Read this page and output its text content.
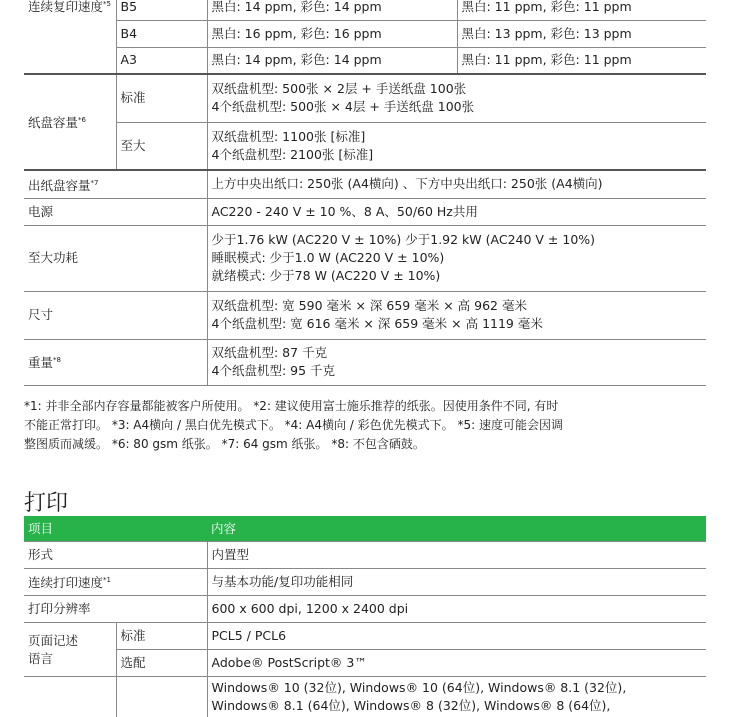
连续复印速度$^{*5}$	B5	黑白: 14 ppm, 彩色: 14 ppm	黑白: 11 ppm, 彩色: 11 ppm
	B4	黑白: 16 ppm, 彩色: 16 ppm	黑白: 13 ppm, 彩色: 13 ppm
	A3	黑白: 14 ppm, 彩色: 14 ppm	黑白: 11 ppm, 彩色: 11 ppm
纸盘容量$^{*6}$	标准	双纸盘机型: 500张 × 2层 + 手送纸盘 100张
4个纸盘机型: 500张 × 4层 + 手送纸盘 100张	

	至大	双纸盘机型: 1100张 [标准]
4个纸盘机型: 2100张 [标准]	

出纸盘容量$^{*7}$		上方中央出纸口: 250张 (A4横向) 、下方中央出纸口: 250张 (A4横向)	
电源		AC220 - 240 V ± 10 %、8 A、50/60 Hz共用	
至大功耗		少于1.76 kW (AC220 V ± 10%) 少于1.92 kW (AC240 V ± 10%)
睡眠模式: 少于1.0 W (AC220 V ± 10%)
就绪模式: 少于78 W (AC220 V ± 10%)	

尺寸		双纸盘机型: 宽 590 毫米 × 深 659 毫米 × 高 962 毫米
4个纸盘机型: 宽 616 毫米 × 深 659 毫米 × 高 1119 毫米	

重量$^{*8}$		双纸盘机型: 87 千克
4个纸盘机型: 95 千克	
*1: 并非全部内存容量都能被客户所使用。 *2: 建议使用富士施乐推荐的纸张。因使用条件不同, 有时
不能正常打印。 *3: A4横向 / 黑白优先模式下。 *4: A4横向 / 彩色优先模式下。 *5: 速度可能会因调
整图质而减缓。 *6: 80 gsm 纸张。 *7: 64 gsm 纸张。 *8: 不包含硒鼓。
打印
项目		内容
形式		内置型
连续打印速度$^{*1}$		与基本功能/复印功能相同
打印分辨率		600 x 600 dpi, 1200 x 2400 dpi

页面记述
语言	标准	PCL5 / PCL6
	选配	Adobe® PostScript® 3™

		Windows® 10 (32位), Windows® 10 (64位), Windows® 8.1 (32位),
Windows® 8.1 (64位), Windows® 8 (32位), Windows® 8 (64位),
